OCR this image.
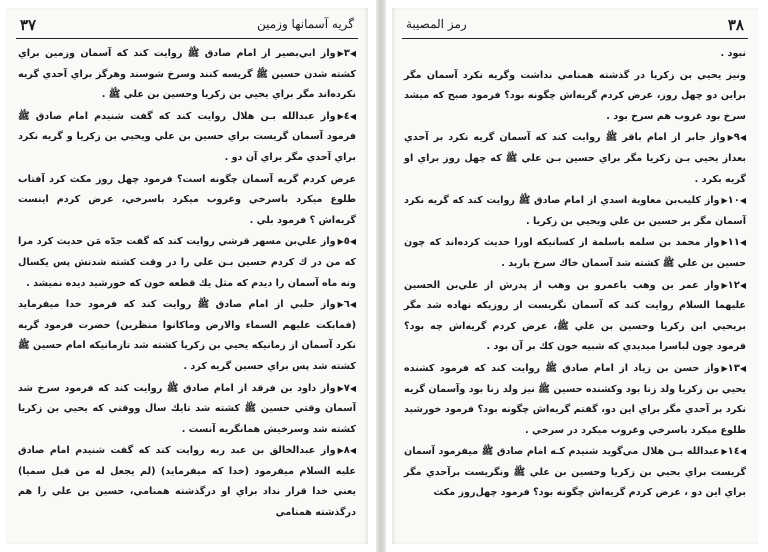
٣٧	گريه آسمانها وزمين

◀٣▶واز ابي‌بصير از امام صادق ﷺ روايت كند كه آسمان وزمين براي كشته شدن حسين ﷺ گريسه كنند وسرخ شوسند وهرگز براي آحدي گريه نكرده‌اند مگر براي يحيي بن زكريا وحسين بن علي ﷺ .

◀٤▶واز عبدالله بـن هلال روايت كند كه گفت شنيدم امام صادق ﷺ فرمود آسمان گريست براي حسين بن علي ويحيي بن زكريا و گريه نكرد براي آحدي مگر براي آن دو .

عرض كردم گريه آسمان چگونه است؟ فرمود چهل روز مكث كرد آفتاب طلوع ميكرد باسرخي وغروب ميكرد باسرخي، عرض كردم اينست گريه‌اش ؟ فرمود بلي .

◀٥▶واز علي‌بن مسهر قرشي روايت كند كه گفت جدّه مَن حديث كرد مرا كه من در ك كردم حسين بـن علي را در وقت كشته شدنش پس يكسال ونه ماه آسمان را ديدم كه مثل يك قطعه خون كه خورشيد ديده نميشد .

◀٦▶واز حلبي از امام صادق ﷺ روايت كند كه فرمود خدا ميفرمايد (فمابكت عليهم السماء والارض وماكانوا منظرين) حضرت فرمود گريه نكرد آسمان از زمانيكه يحيي بن زكريا كشته شد تازمانيكه امام حسين ﷺ كشته شد پس براي حسين گريه كرد .

◀٧▶واز داود بن فرقد از امام صادق ﷺ روايت كند كه فرمود سرخ شد آسمان وقتي حسين ﷺ كشته شد تايك سال ووقتي كه يحيي بن زكريا كشته شد وسرخيش همانگريه آنست .

◀٨▶واز عبدالخالق بن عبد ربه روايت كند كه گفت شنيدم امام صادق عليه السلام ميفرمود (خدا كه ميفرمايد) (لم يجعل له من قبل سميا) يعني خدا قرار نداد براي او درگذشته همنامي، حسين بن علي را هم درگذشته همنامي

٣٨
رمز المصيبة

نبود .

ونيز يحيي بن زكريا در گذشته همنامي نداشت وگريه نكرد آسمان مگر براين دو چهل روز، عرض كردم گريه‌اش چگونه بود؟ فرمود صبح كه ميشد سرخ بود غروب هم سرخ بود .

◀٩▶واز جابر از امام باقر ﷺ روايت كند كه آسمان گريه نكرد بر آحدي بعداز يحيي بـن زكريا مگر براي حسين بـن علي ﷺ كه چهل روز براي او گريه بكرد .

◀١٠▶واز كليب‌بن معاوية اسدي از امام صادق ﷺ روايت كند كه گريه نكرد آسمان مگر بر حسين بن علي ويحيي بن زكريا .

◀١١▶واز محمد بن سلمه باسلمة از كسانيكه اورا حديث كرده‌اند كه چون حسين بن علي ﷺ كشته شد آسمان خاك سرخ باريد .

◀١٢▶واز عمر بن وهب باعمرو بن وهب از پدرش از علي‌بن الحسين عليهما السلام روايت كند كه آسمان نگريست از روزيكه نهاده شد مگر بريحيي ابن زكريا وحسين بن علي ﷺ، عرض كردم گريه‌اش چه بود؟ فرمود چون لباسرا ميديدي كه شبيه خون كك بر آن بود .

◀١٣▶واز حسن بن زياد از امام صادق ﷺ روايت كند كه فرمود كشنده يحيي بن زكريا ولد زنا بود وكشنده حسين ﷺ نيز ولد زنا بود وآسمان گريه نكرد بر آحدي مگر براي اين دو، گفتم گريه‌اش چگونه بود؟ فرمود خورشيد طلوع ميكرد باسرخي وغروب ميكرد در سرخي .

◀١٤▶عبدالله بـن هلال مي‌گويد شنيدم كـه امام صادق ﷺ ميفرمود آسمان گريست براي يحيي بن زكريا وحسين بن علي ﷺ ونگريست برآحدي مگر براي اين دو ، عرض كردم گريه‌اش چگونه بود؟ فرمود چهل‌روز مكث
